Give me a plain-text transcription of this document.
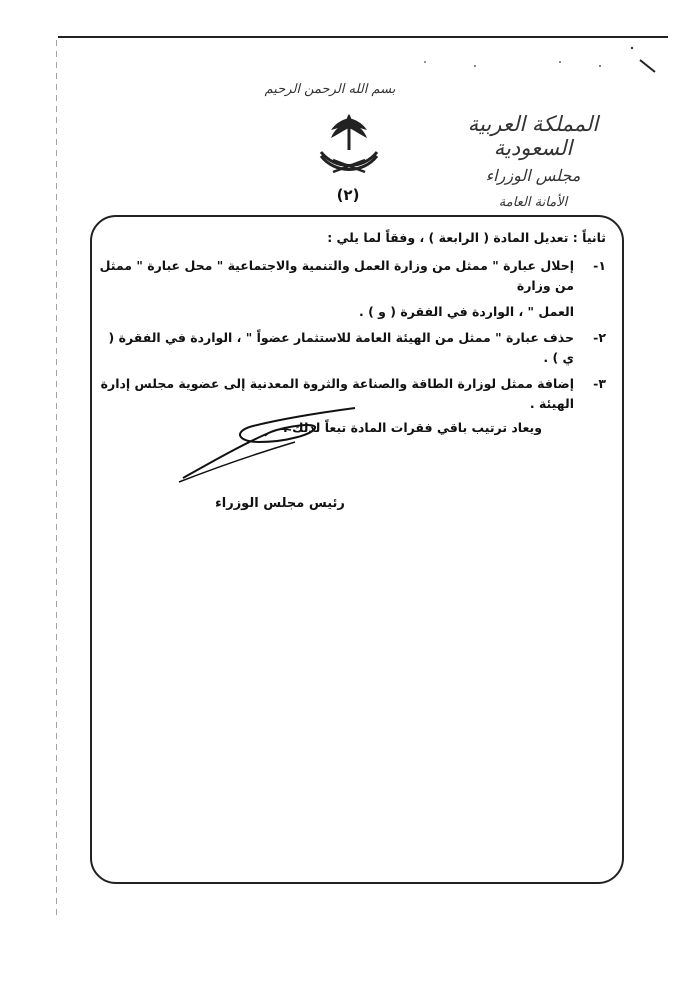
بسم الله الرحمن الرحيم
(٢)
المملكة العربية السعودية
مجلس الوزراء
الأمانة العامة
ثانياً : تعديل المادة ( الرابعة ) ، وفقاً لما يلي :
١-
إحلال عبارة " ممثل من وزارة العمل والتنمية والاجتماعية " محل عبارة " ممثل من وزارة
العمل " ، الواردة في الفقرة ( و ) .
٢-
حذف عبارة " ممثل من الهيئة العامة للاستثمار عضواً " ، الواردة في الفقرة ( ي ) .
٣-
إضافة ممثل لوزارة الطاقة والصناعة والثروة المعدنية إلى عضوية مجلس إدارة الهيئة .
ويعاد ترتيب باقي فقرات المادة تبعاً لذلك .
رئيس مجلس الوزراء
